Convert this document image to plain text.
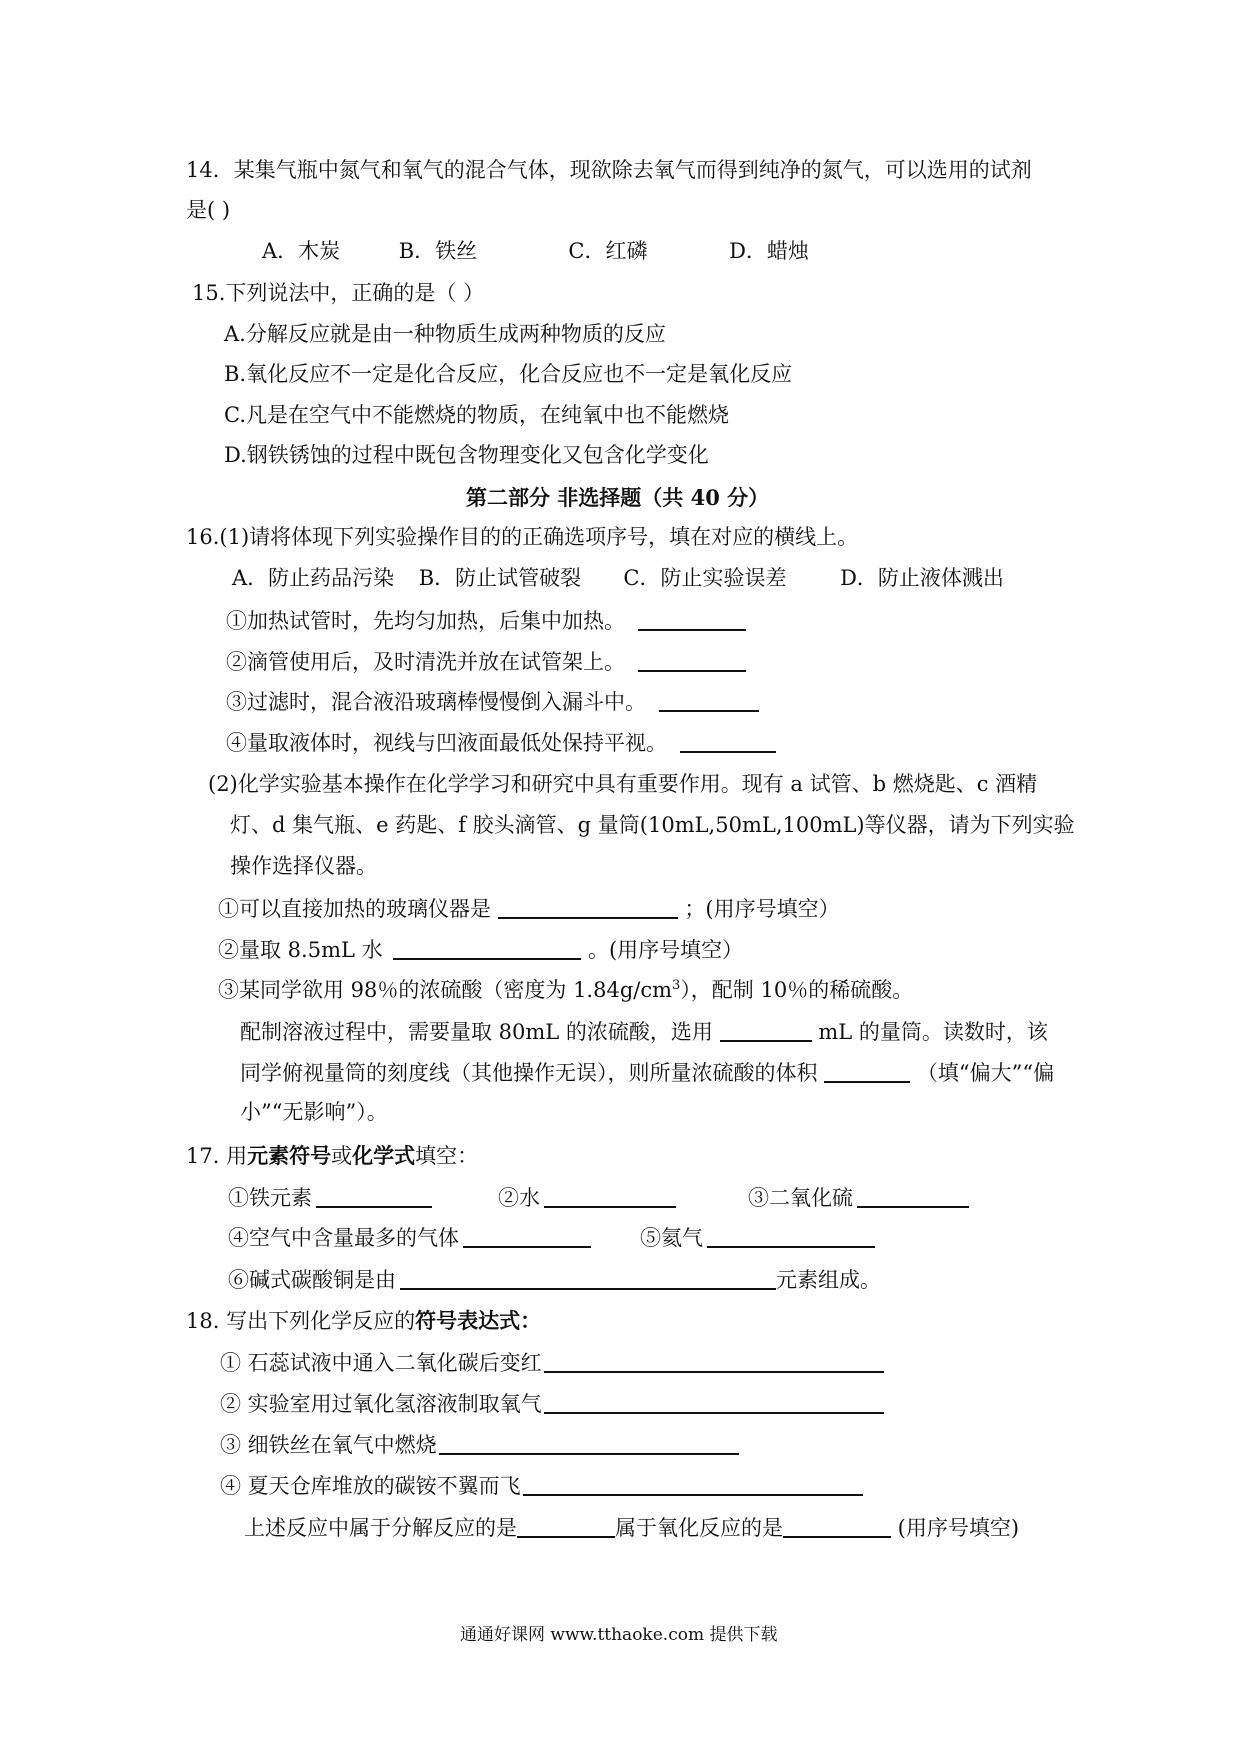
14．某集气瓶中氮气和氧气的混合气体，现欲除去氧气而得到纯净的氮气，可以选用的试剂
是( )
A．木炭	B．铁丝	C．红磷	D．蜡烛
15.下列说法中，正确的是（ ）
A.分解反应就是由一种物质生成两种物质的反应
B.氧化反应不一定是化合反应，化合反应也不一定是氧化反应
C.凡是在空气中不能燃烧的物质，在纯氧中也不能燃烧
D.钢铁锈蚀的过程中既包含物理变化又包含化学变化
第二部分 非选择题（共 40 分）
16.(1)请将体现下列实验操作目的的正确选项序号，填在对应的横线上。
A．防止药品污染 B．防止试管破裂 C．防止实验误差	D．防止液体溅出
①加热试管时，先均匀加热，后集中加热。
②滴管使用后，及时清洗并放在试管架上。
③过滤时，混合液沿玻璃棒慢慢倒入漏斗中。
④量取液体时，视线与凹液面最低处保持平视。
(2)化学实验基本操作在化学学习和研究中具有重要作用。现有 a 试管、b 燃烧匙、c 酒精
灯、d 集气瓶、e 药匙、f 胶头滴管、g 量筒(10mL,50mL,100mL)等仪器，请为下列实验
操作选择仪器。
①可以直接加热的玻璃仪器是	；(用序号填空）
②量取 8.5mL 水	。(用序号填空）
③某同学欲用 98％的浓硫酸（密度为 $1.84g/cm^3$），配制 10％的稀硫酸。
配制溶液过程中，需要量取 80mL 的浓硫酸，选用	mL 的量筒。读数时，该
同学俯视量筒的刻度线（其他操作无误），则所量浓硫酸的体积	（填“偏大”“偏
小”“无影响”）。
17. 用元素符号或化学式填空：
①铁元素	②水	③二氧化硫
④空气中含量最多的气体	⑤氦气
⑥碱式碳酸铜是由	元素组成。
18. 写出下列化学反应的符号表达式：
① 石蕊试液中通入二氧化碳后变红
② 实验室用过氧化氢溶液制取氧气
③ 细铁丝在氧气中燃烧
④ 夏天仓库堆放的碳铵不翼而飞
上述反应中属于分解反应的是	属于氧化反应的是	(用序号填空)
通通好课网 www.tthaoke.com 提供下载
